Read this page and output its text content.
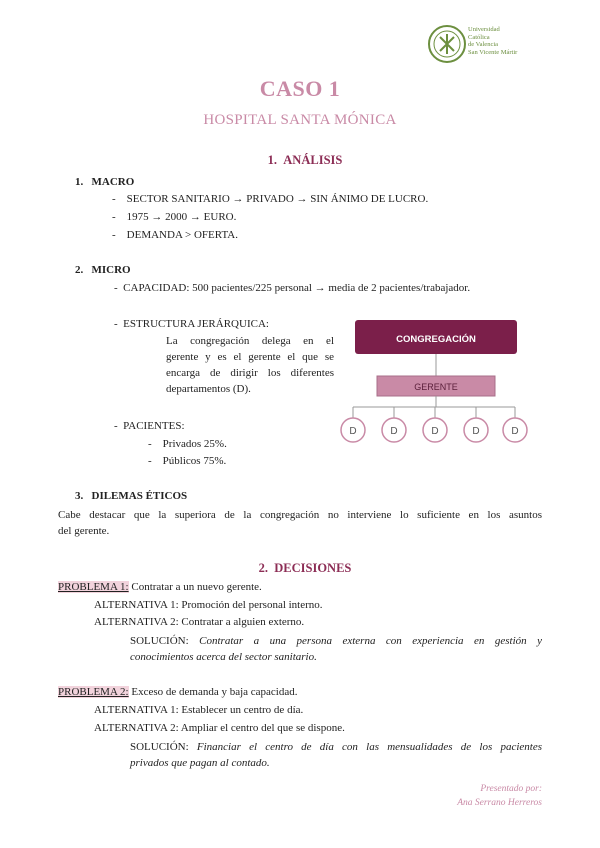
Universidad
Católica
de Valencia
San Vicente Mártir
CASO 1
HOSPITAL SANTA MÓNICA
1. ANÁLISIS
1. MACRO
-    SECTOR SANITARIO → PRIVADO → SIN ÁNIMO DE LUCRO.
-    1975 → 2000 → EURO.
-    DEMANDA > OFERTA.
2. MICRO
-  CAPACIDAD: 500 pacientes/225 personal → media de 2 pacientes/trabajador.
-  ESTRUCTURA JERÁRQUICA:
La congregación delega en el
gerente y es el gerente el que se
encarga de dirigir los diferentes
departamentos (D).
-  PACIENTES:
-    Privados 25%.
-    Públicos 75%.
CONGREGACIÓN
GERENTE
D	D	D	D	D
3. DILEMAS ÉTICOS
Cabe destacar que la superiora de la congregación no interviene lo suficiente en los asuntos
del gerente.
2. DECISIONES
PROBLEMA 1: Contratar a un nuevo gerente.
ALTERNATIVA 1: Promoción del personal interno.
ALTERNATIVA 2: Contratar a alguien externo.
SOLUCIÓN: Contratar a una persona externa con experiencia en gestión y
conocimientos acerca del sector sanitario.
PROBLEMA 2: Exceso de demanda y baja capacidad.
ALTERNATIVA 1: Establecer un centro de día.
ALTERNATIVA 2: Ampliar el centro del que se dispone.
SOLUCIÓN: Financiar el centro de día con las mensualidades de los pacientes
privados que pagan al contado.
Presentado por:
Ana Serrano Herreros
